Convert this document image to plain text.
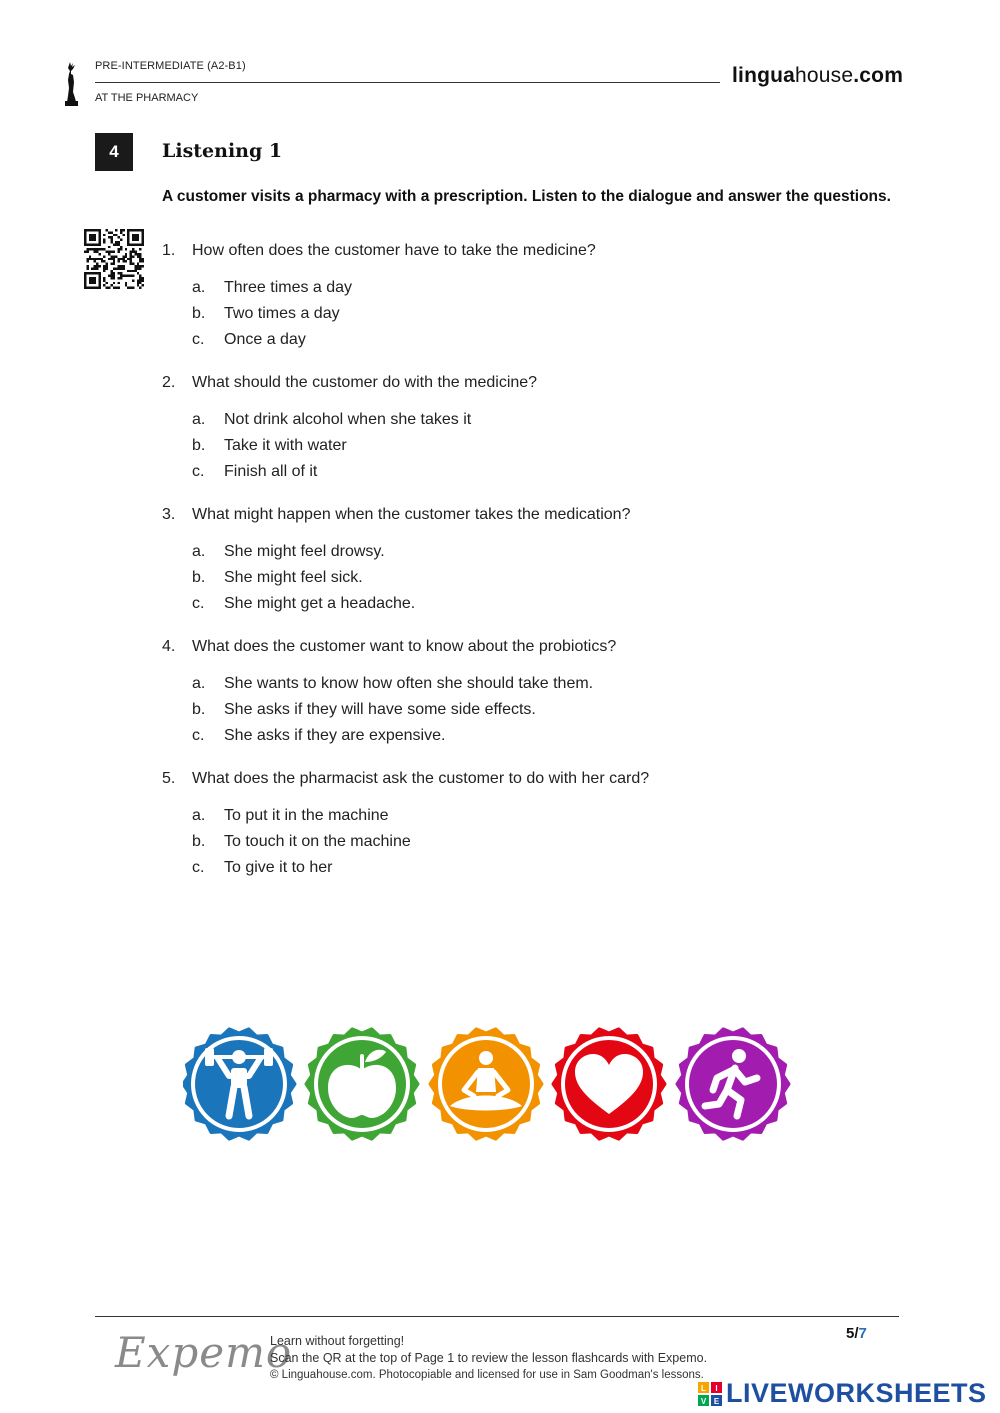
PRE-INTERMEDIATE (A2-B1)
AT THE PHARMACY
linguahouse.com
4	Listening 1
A customer visits a pharmacy with a prescription. Listen to the dialogue and answer the questions.
1.	How often does the customer have to take the medicine?
a.	Three times a day
b.	Two times a day
c.	Once a day
2.	What should the customer do with the medicine?
a.	Not drink alcohol when she takes it
b.	Take it with water
c.	Finish all of it
3.	What might happen when the customer takes the medication?
a.	She might feel drowsy.
b.	She might feel sick.
c.	She might get a headache.
4.	What does the customer want to know about the probiotics?
a.	She wants to know how often she should take them.
b.	She asks if they will have some side effects.
c.	She asks if they are expensive.
5.	What does the pharmacist ask the customer to do with her card?
a.	To put it in the machine
b.	To touch it on the machine
c.	To give it to her
Expemo
Learn without forgetting!
Scan the QR at the top of Page 1 to review the lesson flashcards with Expemo.
© Linguahouse.com. Photocopiable and licensed for use in Sam Goodman's lessons.
5/7
L I
V E LIVEWORKSHEETS
